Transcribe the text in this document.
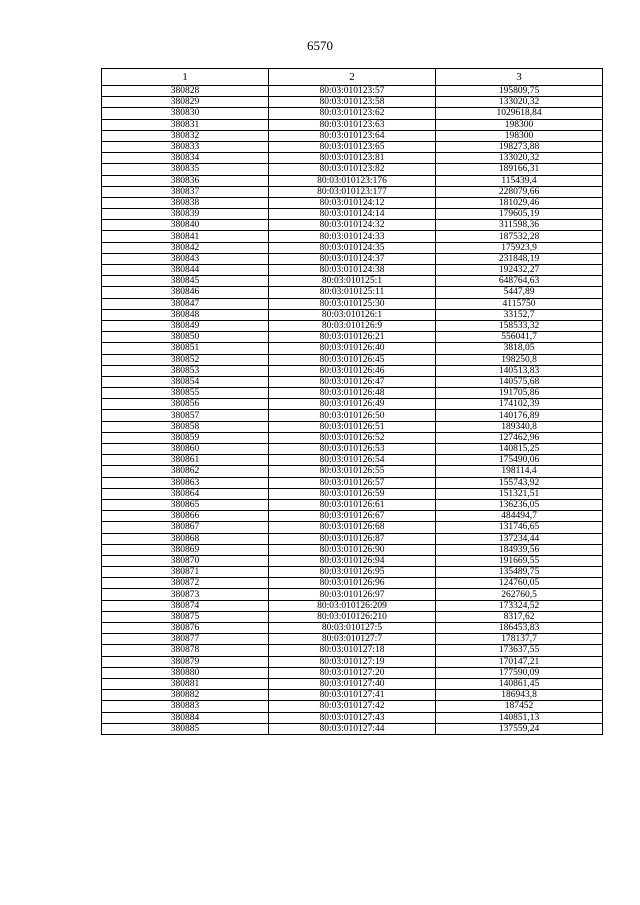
6570
1	2	3
380828	80:03:010123:57	195809,75
380829	80:03:010123:58	133020,32
380830	80:03:010123:62	1029618,84
380831	80:03:010123:63	198300
380832	80:03:010123:64	198300
380833	80:03:010123:65	198273,88
380834	80:03:010123:81	133020,32
380835	80:03:010123:82	189166,31
380836	80:03:010123:176	115439,4
380837	80:03:010123:177	228079,66
380838	80:03:010124:12	181029,46
380839	80:03:010124:14	179605,19
380840	80:03:010124:32	311598,36
380841	80:03:010124:33	187532,28
380842	80:03:010124:35	175923,9
380843	80:03:010124:37	231848,19
380844	80:03:010124:38	192432,27
380845	80:03:010125:1	648764,63
380846	80:03:010125:11	5447,89
380847	80:03:010125:30	4115750
380848	80:03:010126:1	33152,7
380849	80:03:010126:9	158533,32
380850	80:03:010126:21	556041,7
380851	80:03:010126:40	3818,05
380852	80:03:010126:45	198250,8
380853	80:03:010126:46	140513,83
380854	80:03:010126:47	140575,68
380855	80:03:010126:48	191705,86
380856	80:03:010126:49	174102,39
380857	80:03:010126:50	140176,89
380858	80:03:010126:51	189340,8
380859	80:03:010126:52	127462,96
380860	80:03:010126:53	140815,25
380861	80:03:010126:54	175490,06
380862	80:03:010126:55	198114,4
380863	80:03:010126:57	155743,92
380864	80:03:010126:59	151321,51
380865	80:03:010126:61	136236,05
380866	80:03:010126:67	484494,7
380867	80:03:010126:68	131746,65
380868	80:03:010126:87	137234,44
380869	80:03:010126:90	184939,56
380870	80:03:010126:94	191669,55
380871	80:03:010126:95	135489,75
380872	80:03:010126:96	124760,05
380873	80:03:010126:97	262760,5
380874	80:03:010126:209	173324,52
380875	80:03:010126:210	8317,62
380876	80:03:010127:5	186453,83
380877	80:03:010127:7	178137,7
380878	80:03:010127:18	173637,55
380879	80:03:010127:19	170147,21
380880	80:03:010127:20	177590,09
380881	80:03:010127:40	140861,45
380882	80:03:010127:41	186943,8
380883	80:03:010127:42	187452
380884	80:03:010127:43	140851,13
380885	80:03:010127:44	137559,24
